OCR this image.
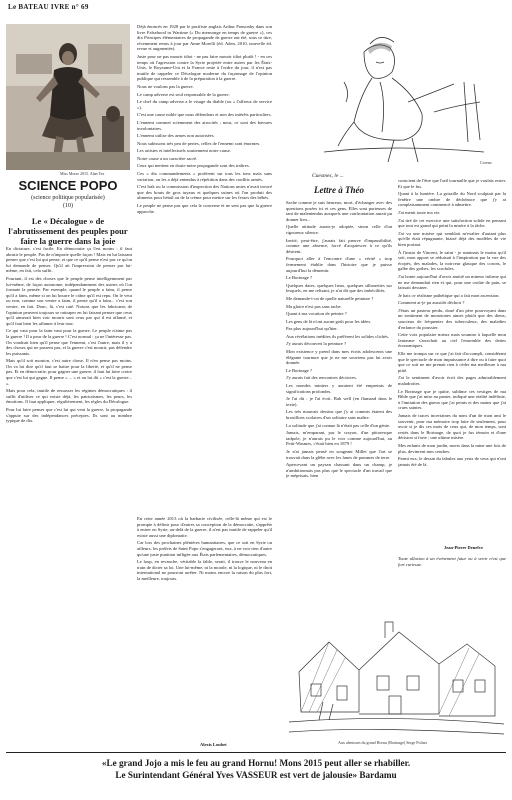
Le BATEAU IVRE n° 69
Miss Morse 2015. Alan Tex
SCIENCE POPO
(science politique popularisée)
(10)
Le « Décalogue » de l'abrutissement des peuples pour faire la guerre dans la joie

En dictature, c'est facile. En démocratie ça l'est moins : il faut abrutir le peuple. Pas de n'importe quelle façon ! Mais en lui laissant penser que c'est lui qui pense, et que ce qu'il pense n'est pas ce qu'on lui demande de penser. Qu'il ait l'impression de penser par lui-même, en fait, cela suffit.

Pourtant, il est des choses que le peuple pense intelligemment par lui-même, de façon autonome, indépendamment des usines où l'on formate la pensée. Par exemple, quand le peuple a faim, il pense qu'il a faim, même si on lui bourre le crâne qu'il est repu. On le veut ou non, comme son ventre a faim, il pense qu'il a faim... c'est son ventre, en fait. Donc, là, c'est raté. Notons que les fabricants de l'opinion peuvent toujours se rattraper en lui faisant penser que ceux qu'il aimerait bien voir mourir sont ceux par qui il est affamé, et qu'il faut bien les affamer à leur tour.

Ce qui vaut pour la faim vaut pour la guerre. Le peuple n'aime pas la guerre ! Il a peur de la guerre ! C'est normal : ça ne l'intéresse pas. On voudrait bien qu'il pense que l'ennemi, c'est l'autre, mais il y a des choses qui ne passent pas, et la guerre c'est mourir, pas défendre les puissants.

Mais qu'il soit mouton, c'est autre chose. Il n'en pense pas moins. On va lui dire qu'il faut se battre pour la liberté, et qu'il ne pense pas. Et en démocratie, pour gagner une guerre, il faut lui faire croire que c'est lui qui gagne. Il pense « ... » et on lui dit « c'est la guerre... ».

Mais pour cela, inutile de ressasser les régimes démocratiques : il suffit d'utiliser ce qui existe déjà, les patriotismes, les peurs, les émotions. Il faut appliquer, régulièrement, les règles du Décalogue.

Pour lui faire penser que c'est lui qui veut la guerre, la propagande s'appuie sur des indépendances préceptes. Ils sont au nombre typique de dix.

Déjà énoncés en 1928 par le pacifiste anglais Arthur Ponsonby dans son livre Falsehood in Wartime (« Du mensonge en temps de guerre »), ces dix Principes élémentaires de propagande de guerre ont été, sous ce titre, récemment remis à jour par Anne Morelli (éd. Aden, 2010, nouvelle éd. revue et augmentée).

Juste pour ne pas mourir idiot - ne pas faire mourir idiot plutôt ! - en ces temps où l'agression contre la Syrie projetée entre autres par les États-Unis, le Royaume-Uni et la France reste à l'ordre du jour, il n'est pas inutile de rappeler ce Décalogue moderne du façonnage de l'opinion publique qui ressemble à de la préparation à la guerre.

Nous ne voulons pas la guerre.

Le camp adverse est seul responsable de la guerre.

Le chef du camp adverse a le visage du diable (ou « l'affreux de service »).

C'est une cause noble que nous défendons et non des intérêts particuliers.

L'ennemi commet sciemment des atrocités ; nous, ce sont des bavures involontaires.

L'ennemi utilise des armes non autorisées.

Nous subissons très peu de pertes, celles de l'ennemi sont énormes.

Les artistes et intellectuels soutiennent notre cause.

Notre cause a un caractère sacré.

Ceux qui mettent en doute notre propagande sont des traîtres.

Ces « dix commandements » profèrent sur tous les tons mais sans variation, on les a déjà entendus à répétition dans des conflits armés.

C'est Irak ou la commission d'inspection des Nations unies n'avait trouvé que des bouts de gros tuyaux et quelques usines où l'on produit des aliments pour bétail ou de la crème pour mettre sur les fesses des bébés.

Le peuple ne pense pas que cela le concerne et ne sent pas que la guerre approche.

En cette année 2013 où la barbarie civilisée, celle-là même qui est le prompte à définir pour d'autres sa conception de la démocratie, s'apprête à entrer en Syrie, au-delà de la guerre, il n'est pas inutile de rappeler qu'il existe aussi une diplomatie.

Car lors des prochaines plénières humanitaires, que ce soit en Syrie ou ailleurs, les préfets de Saint Popo s'engageront, eux, à ne voir rien d'autre qu'une juste punition infligée aux États parlementaires, démocratiques.

Le loup, en revanche, véritable la fable, serait, il trouve le nouveau en train de dicter sa loi. Une lui-même, ni la morale, ni la logique, ni le droit international ne pourront arrêter. Ni moins encore la raison du plus fort, la meilleure, toujours.

Alexis Loubet
Coreau
Cuesmes, le ...
Lettre à Théo

Sache comme je suis heureux, mort, d'échanger avec des questions posées ici et ces gens. Elles sont porteuses de tant de malentendus auxquels une confrontation aurait pu donner lieu...

Quelle attitude aurais-je adoptée, sinon celle d'un rigoureux silence.

Invité, peut-être, j'aurais fait preuve d'impassibilité, comme une absence, forcé d'acquiescer à ce qu'ils désirent.

Pourquoi aller à l'encontre d'une « vérité » trop fermement établie dans l'histoire que je puisse aujourd'hui la démentir.

Le Borinage ?

Quelques dates, quelques lieux, quelques silhouettes sur lesquels, en me relisant, je n'ai dit que des imbécilités.

Me demande-t-on de quelle naturelle peinture ?

Ma gloire n'est pas sans tache.

Quant à ma vocation de peintre ?

Les gens de là n'ont aucun goût pour les idées.

Pas plus aujourd'hui qu'hier.

Aux révélations inédites ils préfèrent les solides clichés.

J'y aurais découvert la peinture ?

Mon existence y prend dans mes écrits adolescents une élégante tournure que je ne me souviens pas lui avoir donnée.

Le Borinage ?

J'y aurais fait des rencontres décisives.

Les mondes miniers y auraient été empreints de significations profondes.

Je l'ai dit : je l'ai écrit. Bah well (en flamand dans le texte).

Les très mauvais dessins que j'y ai commis étaient des brouillons scolaires d'un solitaire sans maître.

La solitude que j'ai connue là n'était pas celle d'un génie.

Jamais, m'emparant, par le crayon, d'un pittoresque tadpole, je n'aurais pu le voir comme aujourd'hui, au Petit-Wasmes, c'était bien en 1879 !

Je n'ai jamais pensé en songeant Millet que l'art se trouvait dans la glèbe avec les fanes de pommes de terre.

Apercevant un paysan chassant dans un champ, je n'ambitionnais pas plus que le spectacle d'un travail que je méprisais, bien

conscient de l'être que l'œil tournaille que je voulais rester. Et que le fus.

Quant à la lumière. La grisaille du Nord sculptait par la fenêtre une ombre de déchéance que j'y ai complaisamment commencé à admettre.

J'ai menti toute ma vie.

J'ai tiré de cet exercice une satisfaction solide en pensant que tout est grand qui peint la misère à la tâche.

J'ai vu une misère qui semblait m'exalter d'autant plus qu'elle était répugnante, biaisé déjà des modèles de vie bien portant.

À l'instar de Vincent, le saint - je ruminais le moins qu'il soit, mon apport se réduisait à l'inspiration par la vue des écopés, des malades, la noirceur glauque des corons, le galbe des gothes, les scrofules.

J'ai honte aujourd'hui d'avoir amitié un mineur infirme qui ne me demandait rien et qui, pour une croûte de pain, se laissait dessiner.

Je hais ce réalisme pathétique qui a fait mon ascension.

Comment ai-je pu aussitôt déchoir ?

J'étais un pasteur perdu, doué d'un père pourvoyant dans un sentiment de monotones aimes plutôt que des dieux, soucieux de fréquenter des tuberculeux, des maladies d'enfance du poussier.

Cette voix populaire mieux mais soumise à laquelle mon fantasme s'arrachait au ciel l'ensemble des dettes économiques.

Elle me trompa sur ce que j'ai fait d'accompli, considérant que le spectacle de mon impuissance à dire ou à faire quoi que ce soit ne me prenait rien à céder ma meilleure à ma pitié.

J'ai le sentiment d'avoir écrit des pages admirablement maladroites.

Le Borinage que je quitte, sublime ces vestiges de ma Bible que j'ai mise au panier, indiqué une réalité indéfinie, à l'imitation des gueux que j'ai peints et des mains que j'ai crues saintes.

Jamais de traces incertaines du nom d'un de mon ami le souvenir, pour ma mémoire trop faite de seulement, pour avoir si je dis ces mots de ceux qui, de mon temps, sont restés dans le Borinage, de quoi je fus témoin et d'une dérision si forte ; une ultime misère.

Mes enfants de mon jardin, morts dans la mine une fois de plus, devinrent mes cendres.

Parmi eux, le dessin du fabulez aux yeux de ceux qui n'ont jamais été de là.

Jean-Pierre Denefve

Toute allusion à un événement futur ou à venir n'est que fort curieuse.

Aux alentours du grand Hornu (Borinage) Serge Poliart
«Le grand Jojo a mis le feu au grand Hornu! Mons 2015 peut aller se rhabiller.
Le Surintendant Général Yves VASSEUR est vert de jalousie» Bardamu
